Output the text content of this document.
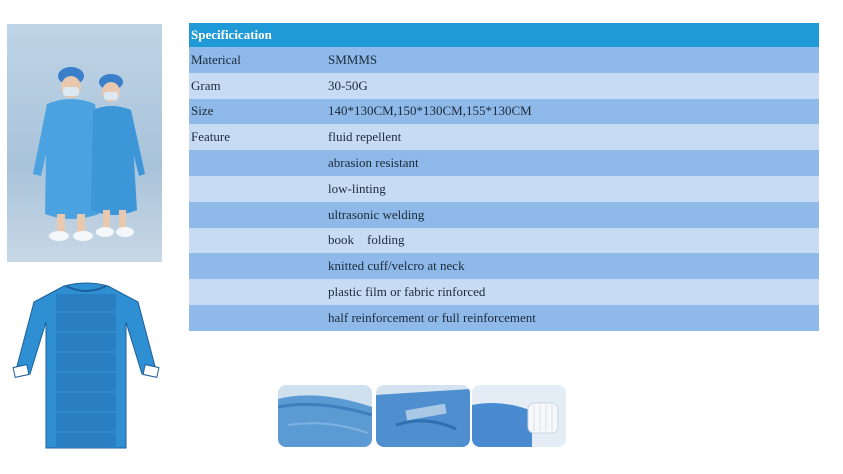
Specificication	
Materical	SMMMS
Gram	30-50G
Size	140*130CM,150*130CM,155*130CM
Feature	fluid repellent
	abrasion resistant
	low-linting
	ultrasonic welding
	book    folding
	knitted cuff/velcro at neck
	plastic film or fabric rinforced
	half reinforcement or full reinforcement
